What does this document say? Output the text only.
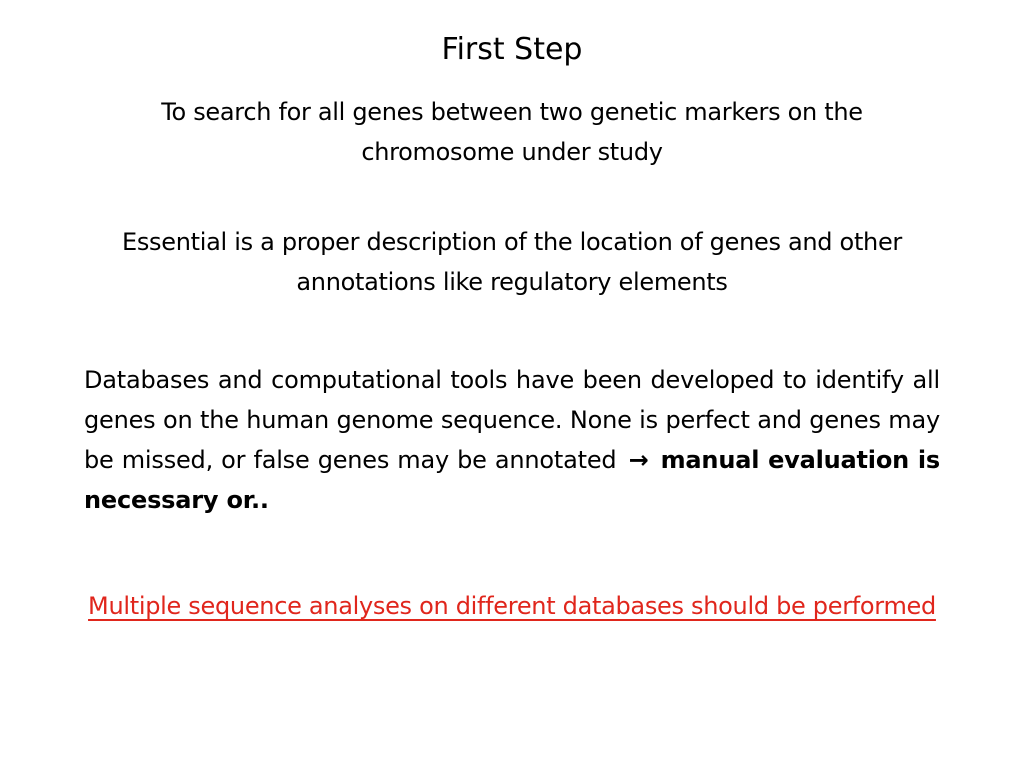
First Step
To search for all genes between two genetic markers on the chromosome under study
Essential is a proper description of the location of genes and other annotations like regulatory elements
Databases and computational tools have been developed to identify all genes on the human genome sequence. None is perfect and genes may be missed, or false genes may be annotated → manual evaluation is necessary or..
Multiple sequence analyses on different databases should be performed
